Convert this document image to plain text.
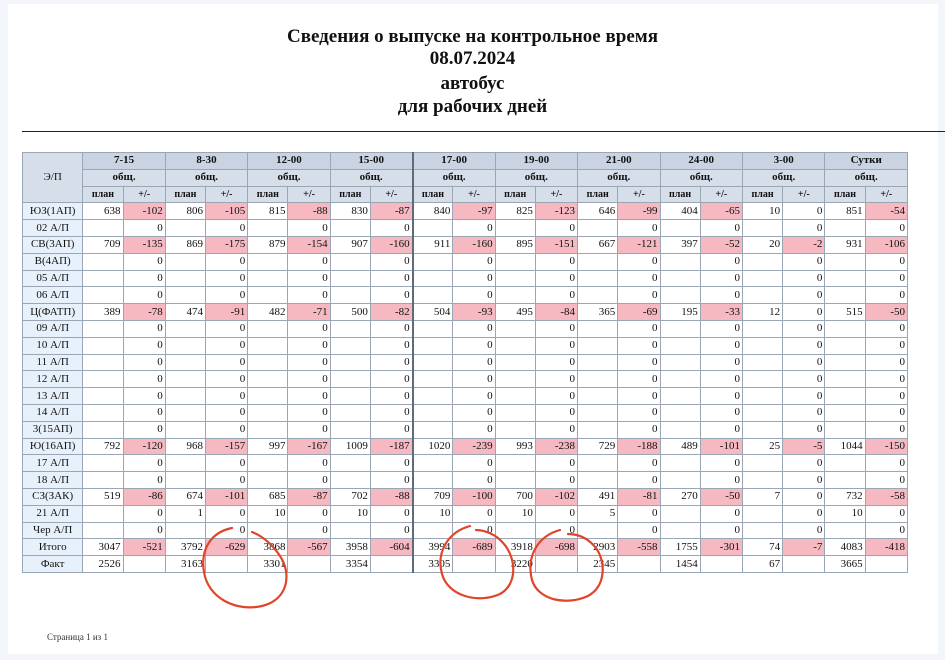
Сведения о выпуске на контрольное время
08.07.2024
автобус
для рабочих дней
Э/П	7-15		8-30		12-00		15-00		17-00		19-00		21-00		24-00		3-00		Сутки	
	общ.		общ.		общ.		общ.		общ.		общ.		общ.		общ.		общ.		общ.	
	план	+/-	план	+/-	план	+/-	план	+/-	план	+/-	план	+/-	план	+/-	план	+/-	план	+/-	план	+/-
ЮЗ(1АП)	638	-102	806	-105	815	-88	830	-87	840	-97	825	-123	646	-99	404	-65	10	0	851	-54
02 А/П		0		0		0		0		0		0		0		0		0		0
СВ(3АП)	709	-135	869	-175	879	-154	907	-160	911	-160	895	-151	667	-121	397	-52	20	-2	931	-106
В(4АП)		0		0		0		0		0		0		0		0		0		0
05 А/П		0		0		0		0		0		0		0		0		0		0
06 А/П		0		0		0		0		0		0		0		0		0		0
Ц(ФАТП)	389	-78	474	-91	482	-71	500	-82	504	-93	495	-84	365	-69	195	-33	12	0	515	-50
09 А/П		0		0		0		0		0		0		0		0		0		0
10 А/П		0		0		0		0		0		0		0		0		0		0
11 А/П		0		0		0		0		0		0		0		0		0		0
12 А/П		0		0		0		0		0		0		0		0		0		0
13 А/П		0		0		0		0		0		0		0		0		0		0
14 А/П		0		0		0		0		0		0		0		0		0		0
3(15АП)		0		0		0		0		0		0		0		0		0		0
Ю(16АП)	792	-120	968	-157	997	-167	1009	-187	1020	-239	993	-238	729	-188	489	-101	25	-5	1044	-150
17 А/П		0		0		0		0		0		0		0		0		0		0
18 А/П		0		0		0		0		0		0		0		0		0		0
СЗ(ЗАК)	519	-86	674	-101	685	-87	702	-88	709	-100	700	-102	491	-81	270	-50	7	0	732	-58
21 А/П		0	1	0	10	0	10	0	10	0	10	0	5	0		0		0	10	0
Чер А/П		0		0		0		0		0		0		0		0		0		0
Итого	3047	-521	3792	-629	3868	-567	3958	-604	3994	-689	3918	-698	2903	-558	1755	-301	74	-7	4083	-418
Факт	2526		3163		3301		3354		3305		3220		2345		1454		67		3665	
Страница 1 из 1
